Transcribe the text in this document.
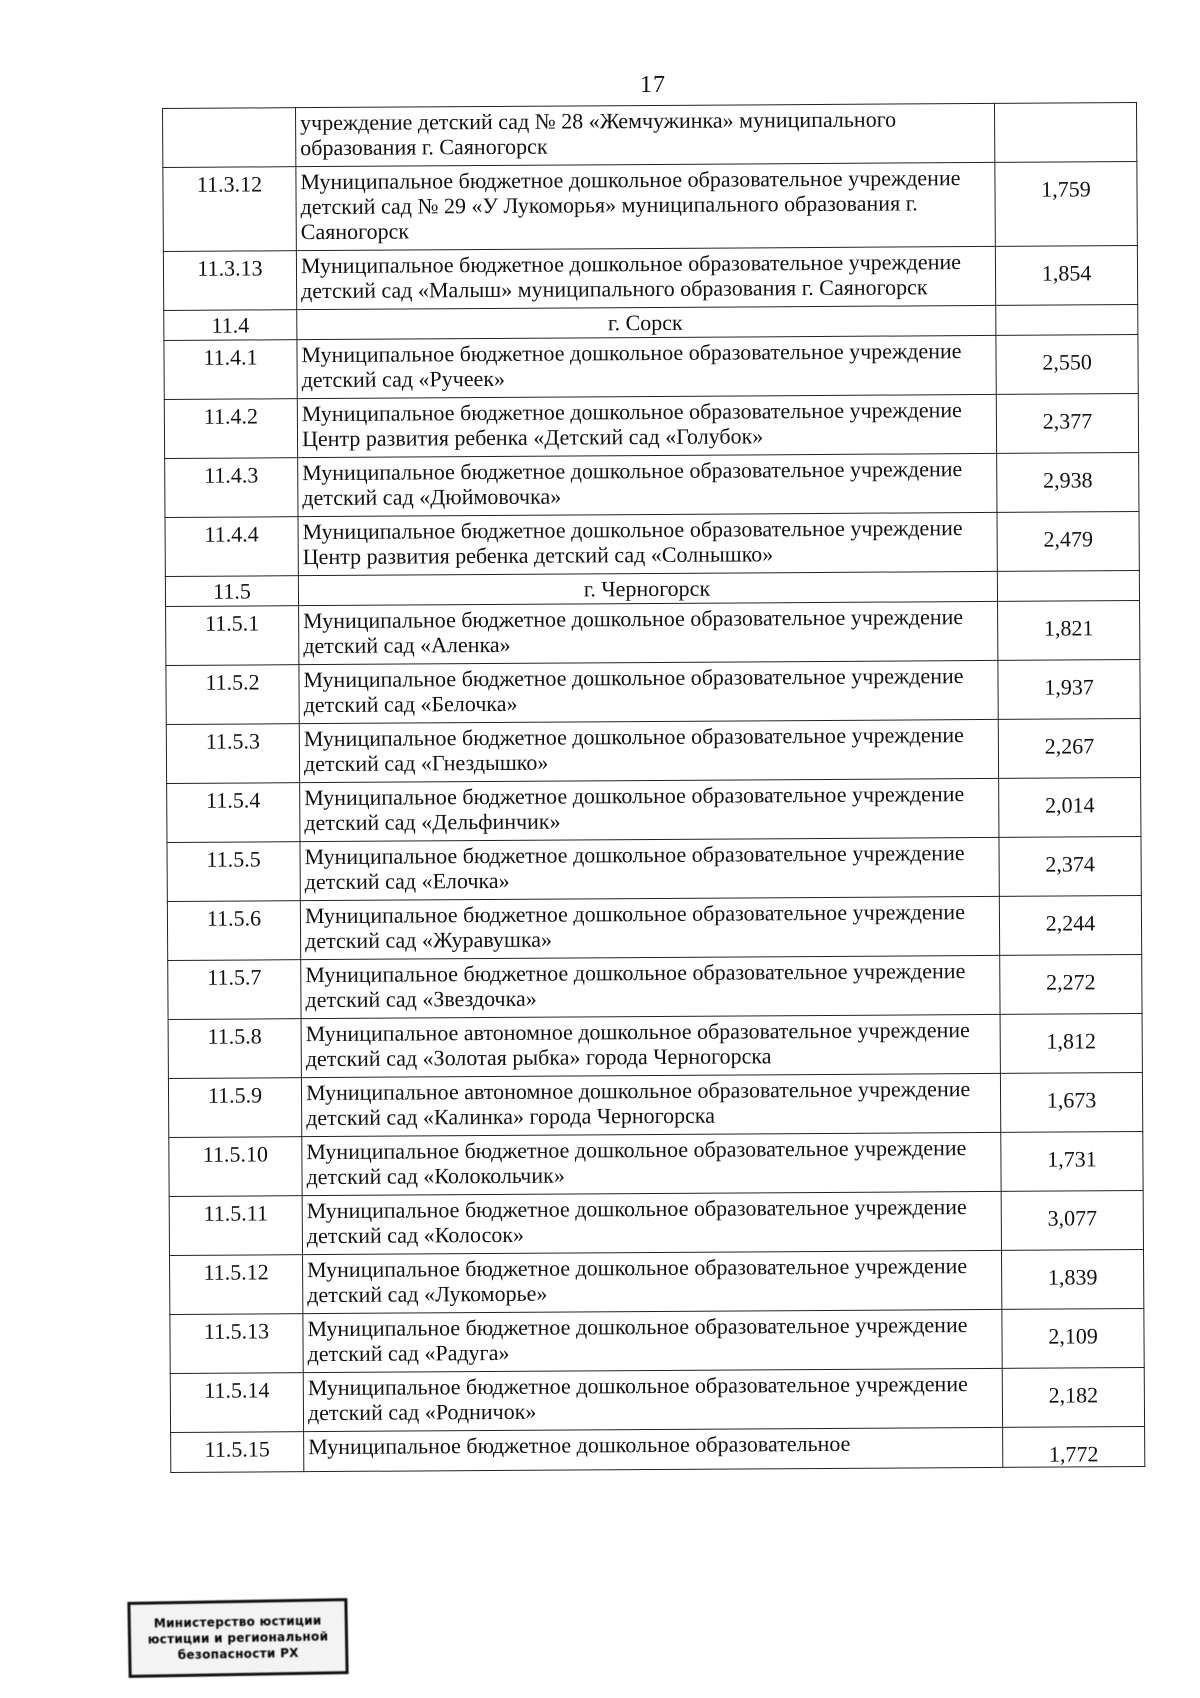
17
	учреждение детский сад № 28 «Жемчужинка» муниципального образования г. Саяногорск	
11.3.12	Муниципальное бюджетное дошкольное образовательное учреждение детский сад № 29 «У Лукоморья» муниципального образования г. Саяногорск	1,759
11.3.13	Муниципальное бюджетное дошкольное образовательное учреждение детский сад «Малыш» муниципального образования г. Саяногорск	1,854
11.4	г. Сорск	
11.4.1	Муниципальное бюджетное дошкольное образовательное учреждение детский сад «Ручеек»	2,550
11.4.2	Муниципальное бюджетное дошкольное образовательное учреждение Центр развития ребенка «Детский сад «Голубок»	2,377
11.4.3	Муниципальное бюджетное дошкольное образовательное учреждение детский сад «Дюймовочка»	2,938
11.4.4	Муниципальное бюджетное дошкольное образовательное учреждение Центр развития ребенка детский сад «Солнышко»	2,479
11.5	г. Черногорск	
11.5.1	Муниципальное бюджетное дошкольное образовательное учреждение детский сад «Аленка»	1,821
11.5.2	Муниципальное бюджетное дошкольное образовательное учреждение детский сад «Белочка»	1,937
11.5.3	Муниципальное бюджетное дошкольное образовательное учреждение детский сад «Гнездышко»	2,267
11.5.4	Муниципальное бюджетное дошкольное образовательное учреждение детский сад «Дельфинчик»	2,014
11.5.5	Муниципальное бюджетное дошкольное образовательное учреждение детский сад «Елочка»	2,374
11.5.6	Муниципальное бюджетное дошкольное образовательное учреждение детский сад «Журавушка»	2,244
11.5.7	Муниципальное бюджетное дошкольное образовательное учреждение детский сад «Звездочка»	2,272
11.5.8	Муниципальное автономное дошкольное образовательное учреждение детский сад «Золотая рыбка» города Черногорска	1,812
11.5.9	Муниципальное автономное дошкольное образовательное учреждение детский сад «Калинка» города Черногорска	1,673
11.5.10	Муниципальное бюджетное дошкольное образовательное учреждение детский сад «Колокольчик»	1,731
11.5.11	Муниципальное бюджетное дошкольное образовательное учреждение детский сад «Колосок»	3,077
11.5.12	Муниципальное бюджетное дошкольное образовательное учреждение детский сад «Лукоморье»	1,839
11.5.13	Муниципальное бюджетное дошкольное образовательное учреждение детский сад «Радуга»	2,109
11.5.14	Муниципальное бюджетное дошкольное образовательное учреждение детский сад «Родничок»	2,182
11.5.15	Муниципальное бюджетное дошкольное образовательное	1,772
Министерство юстиции
юстиции и региональной
безопасности РХ
